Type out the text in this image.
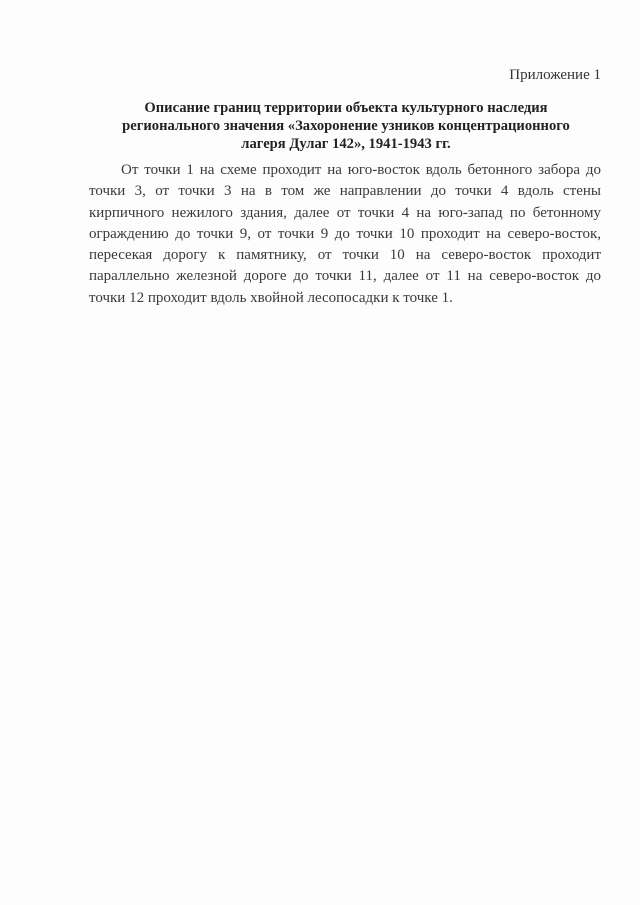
Приложение 1
Описание границ территории объекта культурного наследия
регионального значения «Захоронение узников концентрационного
лагеря Дулаг 142», 1941-1943 гг.
От точки 1 на схеме проходит на юго-восток вдоль бетонного забора до
точки 3, от точки 3 на в том же направлении до точки 4 вдоль стены
кирпичного нежилого здания, далее от точки 4 на юго-запад по бетонному
ограждению до точки 9, от точки 9 до точки 10 проходит на северо-восток,
пересекая дорогу к памятнику, от точки 10 на северо-восток проходит
параллельно железной дороге до точки 11, далее от 11 на северо-восток до
точки 12 проходит вдоль хвойной лесопосадки к точке 1.
